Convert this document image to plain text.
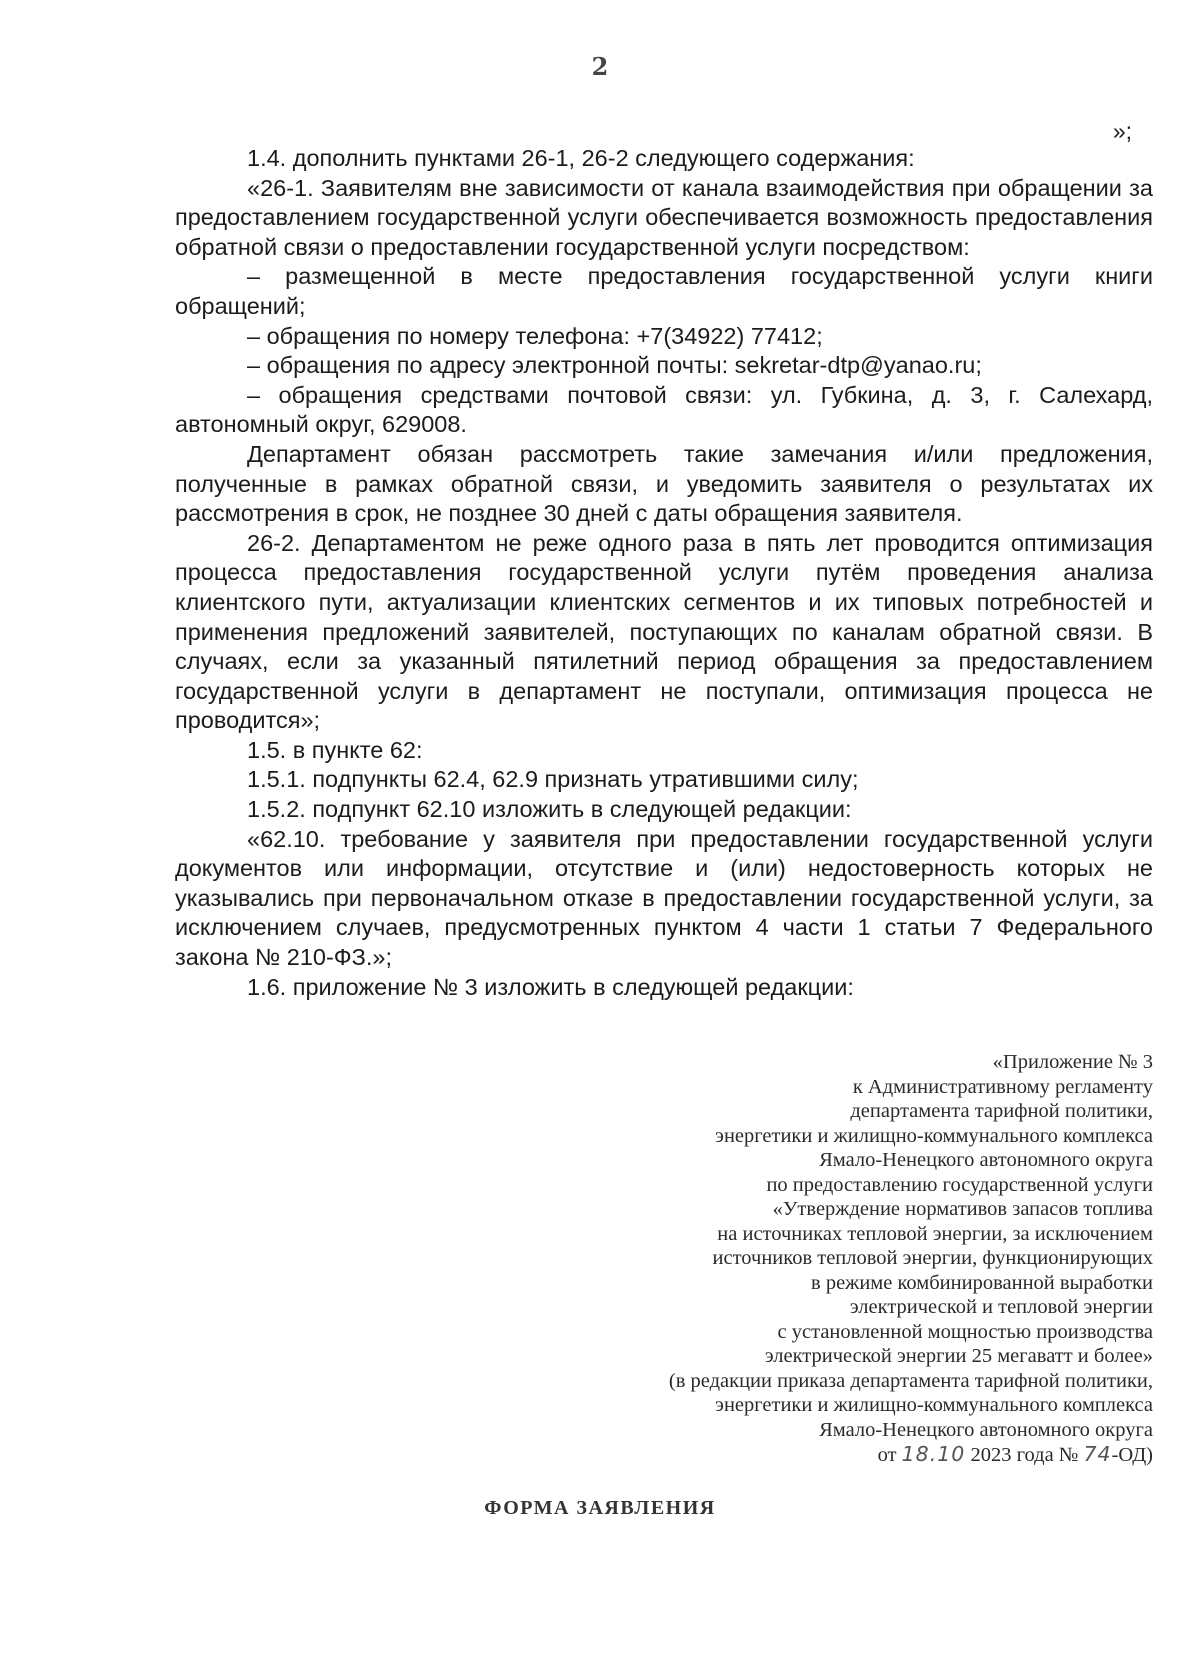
2
»;

1.4. дополнить пунктами 26-1, 26-2 следующего содержания:

«26-1. Заявителям вне зависимости от канала взаимодействия при обращении за предоставлением государственной услуги обеспечивается возможность предоставления обратной связи о предоставлении государственной услуги посредством:

– размещенной в месте предоставления государственной услуги книги обращений;

– обращения по номеру телефона: +7(34922) 77412;

– обращения по адресу электронной почты: sekretar-dtp@yanao.ru;

– обращения средствами почтовой связи: ул. Губкина, д. 3, г. Салехард, автономный округ, 629008.

Департамент обязан рассмотреть такие замечания и/или предложения, полученные в рамках обратной связи, и уведомить заявителя о результатах их рассмотрения в срок, не позднее 30 дней с даты обращения заявителя.

26-2. Департаментом не реже одного раза в пять лет проводится оптимизация процесса предоставления государственной услуги путём проведения анализа клиентского пути, актуализации клиентских сегментов и их типовых потребностей и применения предложений заявителей, поступающих по каналам обратной связи. В случаях, если за указанный пятилетний период обращения за предоставлением государственной услуги в департамент не поступали, оптимизация процесса не проводится»;

1.5. в пункте 62:

1.5.1. подпункты 62.4, 62.9 признать утратившими силу;

1.5.2. подпункт 62.10 изложить в следующей редакции:

«62.10. требование у заявителя при предоставлении государственной услуги документов или информации, отсутствие и (или) недостоверность которых не указывались при первоначальном отказе в предоставлении государственной услуги, за исключением случаев, предусмотренных пунктом 4 части 1 статьи 7 Федерального закона № 210-ФЗ.»;

1.6. приложение № 3 изложить в следующей редакции:

«Приложение № 3
к Административному регламенту
департамента тарифной политики,
энергетики и жилищно-коммунального комплекса
Ямало-Ненецкого автономного округа
по предоставлению государственной услуги
«Утверждение нормативов запасов топлива
на источниках тепловой энергии, за исключением
источников тепловой энергии, функционирующих
в режиме комбинированной выработки
электрической и тепловой энергии
с установленной мощностью производства
электрической энергии 25 мегаватт и более»
(в редакции приказа департамента тарифной политики,
энергетики и жилищно-коммунального комплекса
Ямало-Ненецкого автономного округа
от 18.10 2023 года № 74-ОД)
ФОРМА ЗАЯВЛЕНИЯ
